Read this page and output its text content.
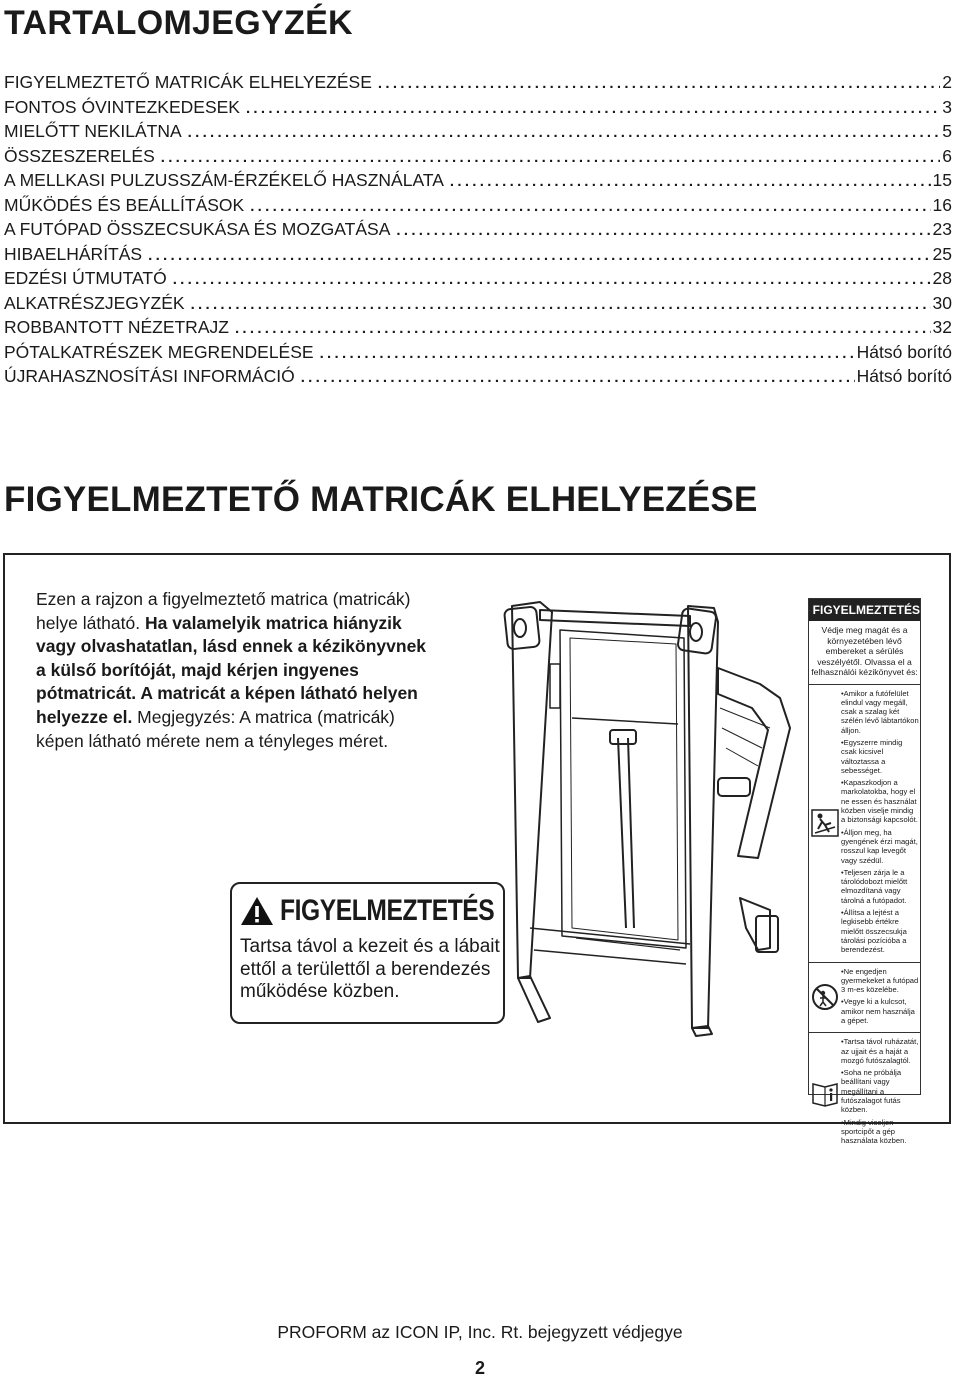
TARTALOMJEGYZÉK
FIGYELMEZTETŐ MATRICÁK ELHELYEZÉSE .....	2
FONTOS ÓVINTEZKEDESEK .....	3
MIELŐTT NEKILÁTNA .....	5
ÖSSZESZERELÉS .....	6
A MELLKASI PULZUSSZÁM-ÉRZÉKELŐ HASZNÁLATA .....	15
MŰKÖDÉS ÉS BEÁLLÍTÁSOK .....	16
A FUTÓPAD ÖSSZECSUKÁSA ÉS MOZGATÁSA .....	23
HIBAELHÁRÍTÁS .....	25
EDZÉSI ÚTMUTATÓ .....	28
ALKATRÉSZJEGYZÉK .....	30
ROBBANTOTT NÉZETRAJZ .....	32
PÓTALKATRÉSZEK MEGRENDELÉSE .....	Hátsó borító
ÚJRAHASZNOSÍTÁSI INFORMÁCIÓ .....	Hátsó borító
FIGYELMEZTETŐ MATRICÁK ELHELYEZÉSE

Ezen a rajzon a figyelmeztető matrica (matricák) helye látható. Ha valamelyik matrica hiányzik vagy olvashatatlan, lásd ennek a kézikönyvnek a külső borítóját, majd kérjen ingyenes pótmatricát. A matricát a képen látható helyen helyezze el. Megjegyzés: A matrica (matricák) képen látható mérete nem a tényleges méret.

FIGYELMEZTETÉS
Tartsa távol a kezeit és a lábait ettől a területtől a berendezés működése közben.
FIGYELMEZTETÉS
Védje meg magát és a környezetében lévő embereket a sérülés veszélyétől. Olvassa el a felhasználói kézikönyvet és:

•Amikor a futófelület elindul vagy megáll, csak a szalag két szélén lévő lábtartókon álljon.

•Egyszerre mindig csak kicsivel változtassa a sebességet.

•Kapaszkodjon a markolatokba, hogy el ne essen és használat közben viselje mindig a biztonsági kapcsolót.

•Álljon meg, ha gyengének érzi magát, rosszul kap levegőt vagy szédül.

•Teljesen zárja le a tárolódobozt mielőtt elmozdítaná vagy tárolná a futópadot.

•Állítsa a lejtést a legkisebb értékre mielőtt összecsukja tárolási pozícióba a berendezést.

•Ne engedjen gyermekeket a futópad 3 m-es közelébe.

•Vegye ki a kulcsot, amikor nem használja a gépet.

•Tartsa távol ruházatát, az ujjait és a haját a mozgó futószalagtól.

•Soha ne próbálja beállítani vagy megállítani a futószalagot futás közben.

•Mindig viseljen sportcipőt a gép használata közben.

PROFORM az ICON IP, Inc. Rt. bejegyzett védjegye
2
